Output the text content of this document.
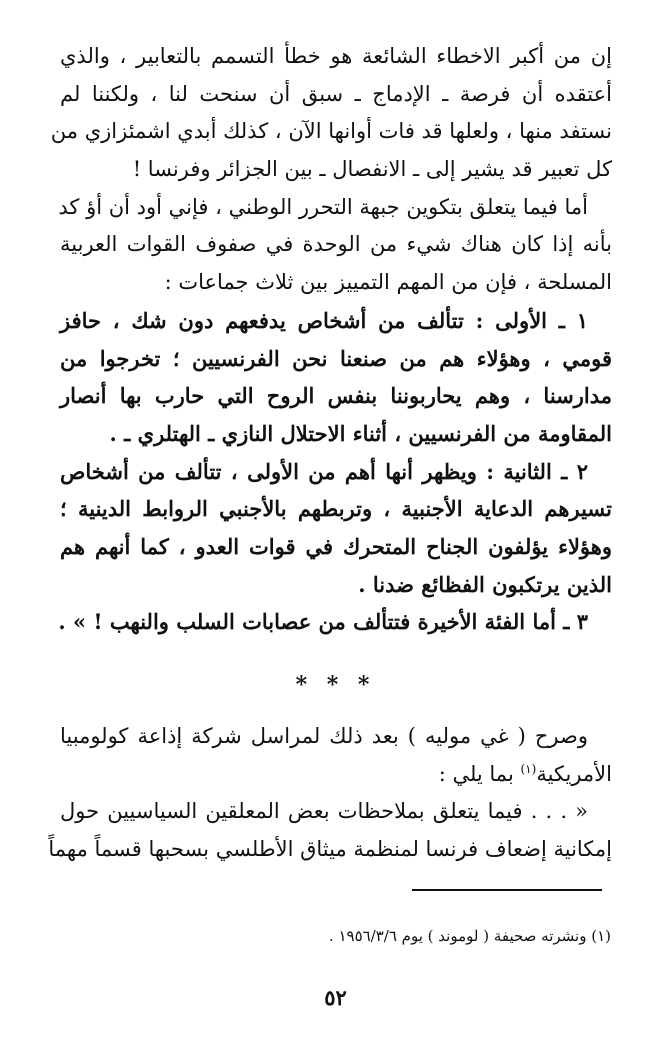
إن من أكبر الاخطاء الشائعة هو خطأ التسمم بالتعابير ، والذي
أعتقده أن فرصة ـ الإدماج ـ سبق أن سنحت لنا ، ولكننا لم
نستفد منها ، ولعلها قد فات أوانها الآن ، كذلك أبدي اشمئزازي من
كل تعبير قد يشير إلى ـ الانفصال ـ بين الجزائر وفرنسا !
أما فيما يتعلق بتكوين جبهة التحرر الوطني ، فإني أود أن أؤ كد
بأنه إذا كان هناك شيء من الوحدة في صفوف القوات العربية
المسلحة ، فإن من المهم التمييز بين ثلاث جماعات :
١ ـ الأولى : تتألف من أشخاص يدفعهم دون شك ، حافز
قومي ، وهؤلاء هم من صنعنا نحن الفرنسيين ؛ تخرجوا من
مدارسنا ، وهم يحاربوننا بنفس الروح التي حارب بها أنصار
المقاومة من الفرنسيين ، أثناء الاحتلال النازي ـ الهتلري ـ .
٢ ـ الثانية : ويظهر أنها أهم من الأولى ، تتألف من أشخاص
تسيرهم الدعاية الأجنبية ، وتربطهم بالأجنبي الروابط الدينية ؛
وهؤلاء يؤلفون الجناح المتحرك في قوات العدو ، كما أنهم هم
الذين يرتكبون الفظائع ضدنا .
٣ ـ أما الفئة الأخيرة فتتألف من عصابات السلب والنهب ! » .
* * *
وصرح ( غي موليه ) بعد ذلك لمراسل شركة إذاعة كولومبيا
الأمريكية$^{(١)}$ بما يلي :
« . . . فيما يتعلق بملاحظات بعض المعلقين السياسيين حول
إمكانية إضعاف فرنسا لمنظمة ميثاق الأطلسي بسحبها قسماً مهماً
(١) ونشرته صحيفة ( لوموند ) يوم ١٩٥٦/٣/٦ .
٥٢
